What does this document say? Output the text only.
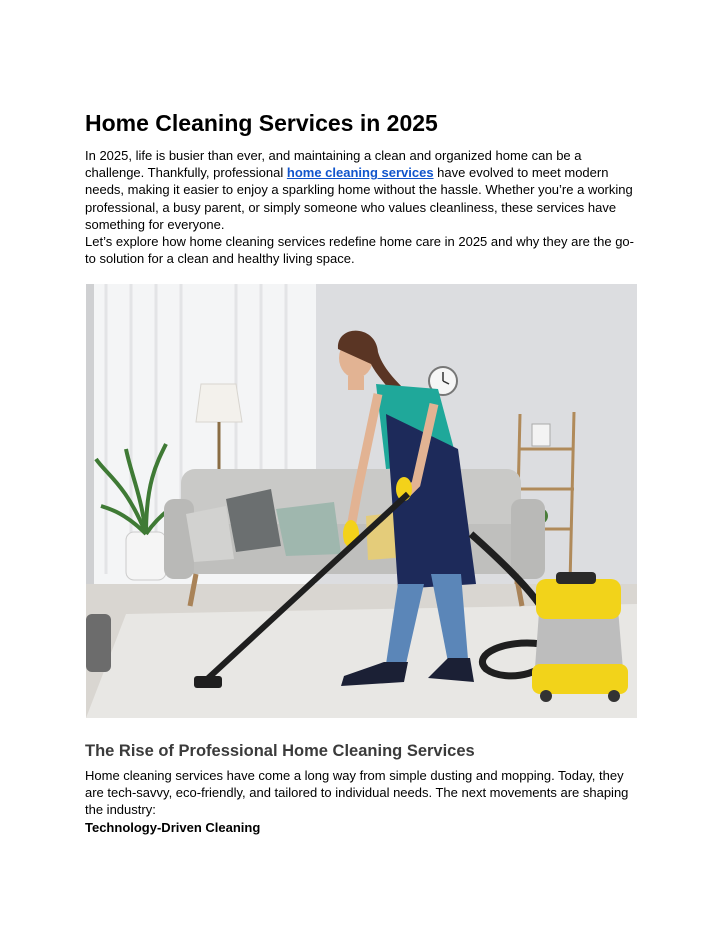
Home Cleaning Services in 2025

In 2025, life is busier than ever, and maintaining a clean and organized home can be a challenge. Thankfully, professional home cleaning services have evolved to meet modern needs, making it easier to enjoy a sparkling home without the hassle. Whether you’re a working professional, a busy parent, or simply someone who values cleanliness, these services have something for everyone.

Let’s explore how home cleaning services redefine home care in 2025 and why they are the go-to solution for a clean and healthy living space.

The Rise of Professional Home Cleaning Services

Home cleaning services have come a long way from simple dusting and mopping. Today, they are tech-savvy, eco-friendly, and tailored to individual needs. The next movements are shaping the industry:

Technology-Driven Cleaning
